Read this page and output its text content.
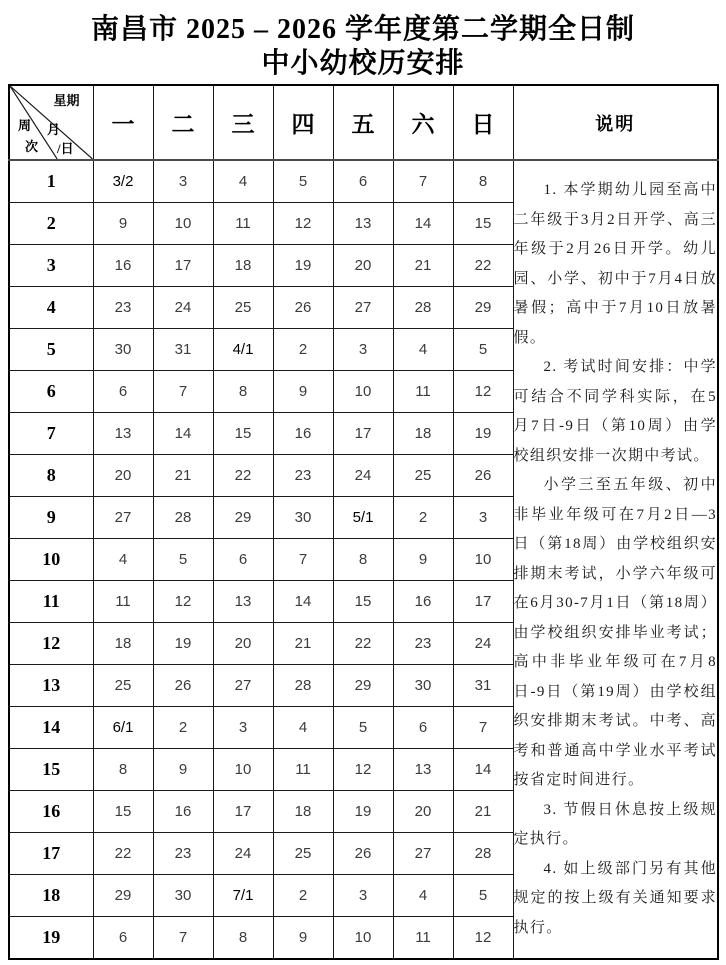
南昌市 2025 – 2026 学年度第二学期全日制
中小幼校历安排
星期
周
次
月
/日	一	二	三	四	五	六	日	说明
1	3/2	3	4	5	6	7	8	1. 本学期幼儿园至高中二年级于3月2日开学、高三年级于2月26日开学。幼儿园、小学、初中于7月4日放暑假；高中于7月10日放暑假。

2. 考试时间安排：中学可结合不同学科实际，在5月7日-9日（第10周）由学校组织安排一次期中考试。

小学三至五年级、初中非毕业年级可在7月2日—3日（第18周）由学校组织安排期末考试，小学六年级可在6月30-7月1日（第18周）由学校组织安排毕业考试；高中非毕业年级可在7月8日-9日（第19周）由学校组织安排期末考试。中考、高考和普通高中学业水平考试按省定时间进行。

3. 节假日休息按上级规定执行。

4. 如上级部门另有其他规定的按上级有关通知要求执行。

2	9	10	11	12	13	14	15	
3	16	17	18	19	20	21	22	
4	23	24	25	26	27	28	29	
5	30	31	4/1	2	3	4	5	
6	6	7	8	9	10	11	12	
7	13	14	15	16	17	18	19	
8	20	21	22	23	24	25	26	
9	27	28	29	30	5/1	2	3	
10	4	5	6	7	8	9	10	
11	11	12	13	14	15	16	17	
12	18	19	20	21	22	23	24	
13	25	26	27	28	29	30	31	
14	6/1	2	3	4	5	6	7	
15	8	9	10	11	12	13	14	
16	15	16	17	18	19	20	21	
17	22	23	24	25	26	27	28	
18	29	30	7/1	2	3	4	5	
19	6	7	8	9	10	11	12	
